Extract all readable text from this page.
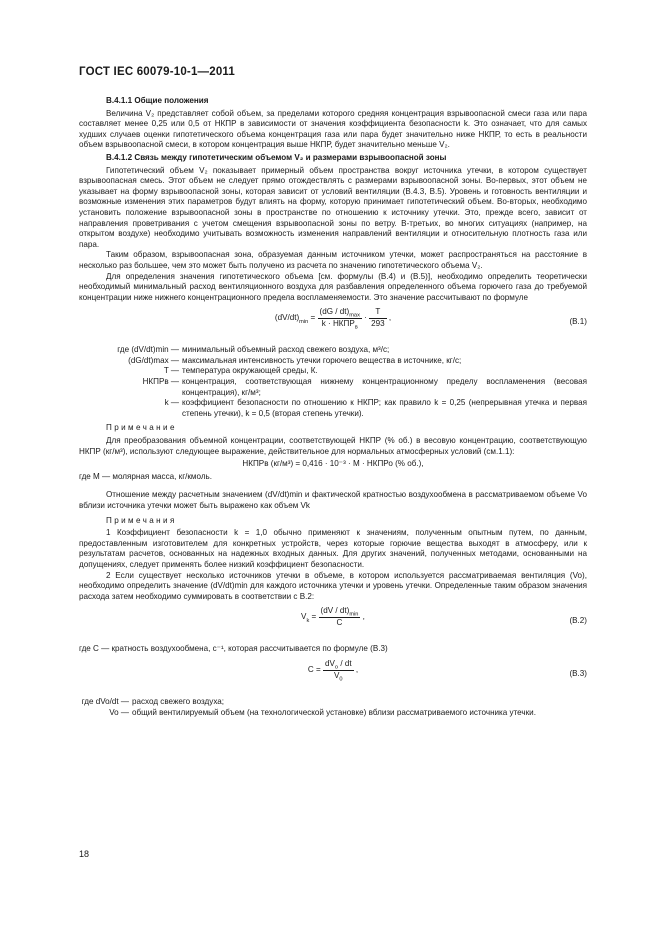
ГОСТ IEC 60079-10-1—2011

В.4.1.1 Общие положения

Величина V₂ представляет собой объем, за пределами которого средняя концентрация взрывоопасной смеси газа или пара составляет менее 0,25 или 0,5 от НКПР в зависимости от значения коэффициента безопасности k. Это означает, что для самых худших случаев оценки гипотетического объема концентрация газа или пара будет значительно ниже НКПР, то есть в реальности объем взрывоопасной смеси, в котором концентрация выше НКПР, будет значительно меньше V₂.

В.4.1.2 Связь между гипотетическим объемом V₂ и размерами взрывоопасной зоны

Гипотетический объем V₂ показывает примерный объем пространства вокруг источника утечки, в котором существует взрывоопасная смесь. Этот объем не следует прямо отождествлять с размерами взрывоопасной зоны. Во-первых, этот объем не указывает на форму взрывоопасной зоны, которая зависит от условий вентиляции (В.4.3, В.5). Уровень и готовность вентиляции и возможные изменения этих параметров будут влиять на форму, которую принимает гипотетический объем. Во-вторых, необходимо установить положение взрывоопасной зоны в пространстве по отношению к источнику утечки. Это, прежде всего, зависит от направления проветривания с учетом смещения взрывоопасной зоны по ветру. В-третьих, во многих ситуациях (например, на открытом воздухе) необходимо учитывать возможность изменения направлений вентиляции и относительную плотность газа или пара.

Таким образом, взрывоопасная зона, образуемая данным источником утечки, может распространяться на расстояние в несколько раз большее, чем это может быть получено из расчета по значению гипотетического объема V₂.

Для определения значения гипотетического объема [см. формулы (В.4) и (В.5)], необходимо определить теоретически необходимый минимальный расход вентиляционного воздуха для разбавления определенного объема горючего газа до требуемой концентрации ниже нижнего концентрационного предела воспламеняемости. Это значение рассчитывают по формуле

$(dV/dt)_{min} = \frac{(dG / dt)_{max}}{k \cdot НКПР_в} \cdot \frac{T}{293}$ ,	(В.1)
где (dV/dt)min — минимальный объемный расход свежего воздуха, м³/с;
(dG/dt)max — максимальная интенсивность утечки горючего вещества в источнике, кг/с;
T — температура окружающей среды, К.
НКПРв — концентрация, соответствующая нижнему концентрационному пределу воспламенения (весовая концентрация), кг/м³;
k — коэффициент безопасности по отношению к НКПР; как правило k = 0,25 (непрерывная утечка и первая степень утечки), k = 0,5 (вторая степень утечки).

Примечание

Для преобразования объемной концентрации, соответствующей НКПР (% об.) в весовую концентрацию, соответствующую НКПР (кг/м³), используют следующее выражение, действительное для нормальных атмосферных условий (см.1.1):

НКПРв (кг/м³) = 0,416 · 10⁻³ · M · НКПРо (% об.),

где M — молярная масса, кг/кмоль.

Отношение между расчетным значением (dV/dt)min и фактической кратностью воздухообмена в рассматриваемом объеме Vo вблизи источника утечки может быть выражено как объем Vk

Примечания

1 Коэффициент безопасности k = 1,0 обычно применяют к значениям, полученным опытным путем, по данным, предоставленным изготовителем для конкретных устройств, через которые горючие вещества выходят в атмосферу, или к результатам расчетов, основанных на надежных входных данных. Для других значений, полученных методами, основанными на допущениях, следует применять более низкий коэффициент безопасности.

2 Если существует несколько источников утечки в объеме, в котором используется рассматриваемая вентиляция (Vo), необходимо определить значение (dV/dt)min для каждого источника утечки и уровень утечки. Определенные таким образом значения расхода затем необходимо суммировать в соответствии с В.2:

$V_k = \frac{(dV / dt)_{min}}{C}$ ,	(В.2)

где C — кратность воздухообмена, с⁻¹, которая рассчитывается по формуле (В.3)

$C = \frac{dV_o / dt}{V_0}$ ,	(В.3)
где dVo/dt — расход свежего воздуха;
Vo — общий вентилируемый объем (на технологической установке) вблизи рассматриваемого источника утечки.
18
